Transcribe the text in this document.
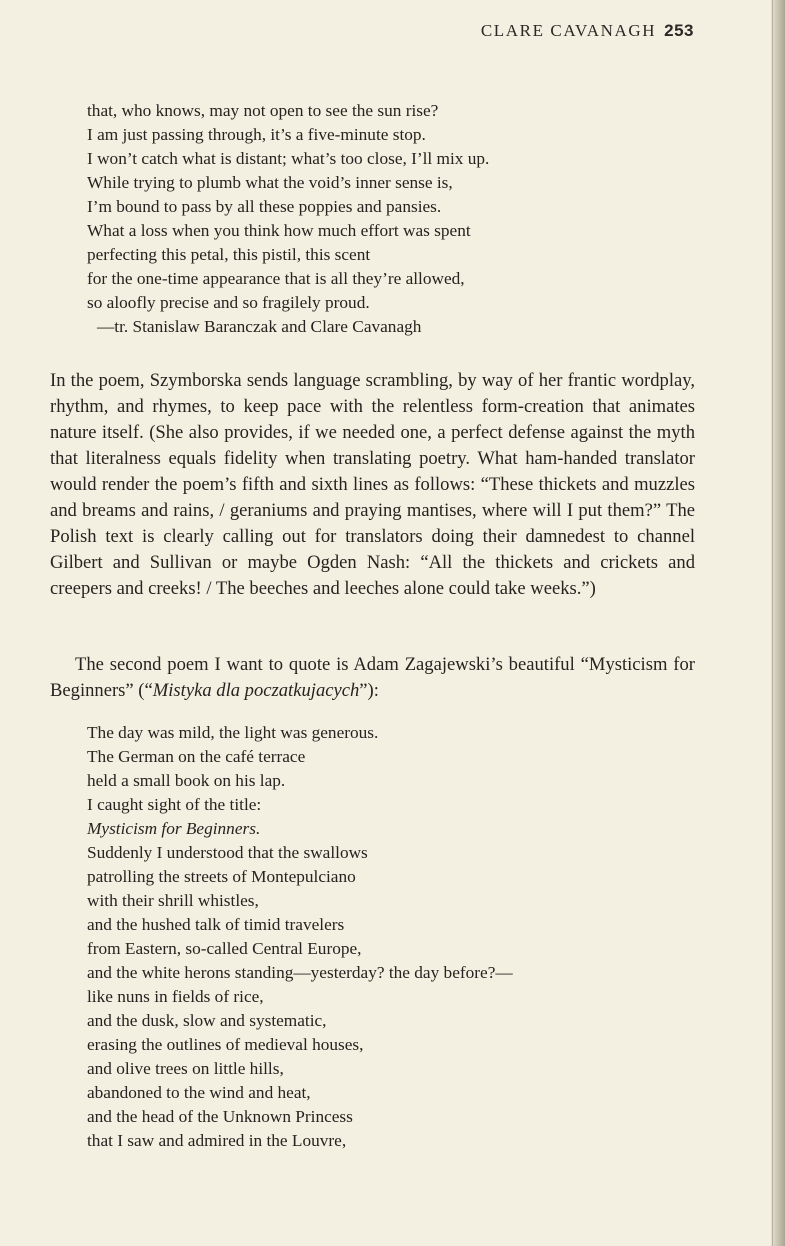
CLARE CAVANAGH 253
that, who knows, may not open to see the sun rise?
I am just passing through, it’s a five-minute stop.
I won’t catch what is distant; what’s too close, I’ll mix up.
While trying to plumb what the void’s inner sense is,
I’m bound to pass by all these poppies and pansies.
What a loss when you think how much effort was spent
perfecting this petal, this pistil, this scent
for the one-time appearance that is all they’re allowed,
so aloofly precise and so fragilely proud.
—tr. Stanislaw Baranczak and Clare Cavanagh

In the poem, Szymborska sends language scrambling, by way of her frantic wordplay, rhythm, and rhymes, to keep pace with the relentless form-creation that animates nature itself. (She also provides, if we needed one, a perfect defense against the myth that literalness equals fidelity when translating poetry. What ham-handed translator would render the poem’s fifth and sixth lines as follows: “These thickets and muzzles and breams and rains, / geraniums and praying mantises, where will I put them?” The Polish text is clearly calling out for translators doing their damnedest to channel Gilbert and Sullivan or maybe Ogden Nash: “All the thickets and crickets and creepers and creeks! / The beeches and leeches alone could take weeks.”)

The second poem I want to quote is Adam Zagajewski’s beautiful “Mysticism for Beginners” (“Mistyka dla poczatkujacych”):

The day was mild, the light was generous.
The German on the café terrace
held a small book on his lap.
I caught sight of the title:
Mysticism for Beginners.
Suddenly I understood that the swallows
patrolling the streets of Montepulciano
with their shrill whistles,
and the hushed talk of timid travelers
from Eastern, so-called Central Europe,
and the white herons standing—yesterday? the day before?—
like nuns in fields of rice,
and the dusk, slow and systematic,
erasing the outlines of medieval houses,
and olive trees on little hills,
abandoned to the wind and heat,
and the head of the Unknown Princess
that I saw and admired in the Louvre,
